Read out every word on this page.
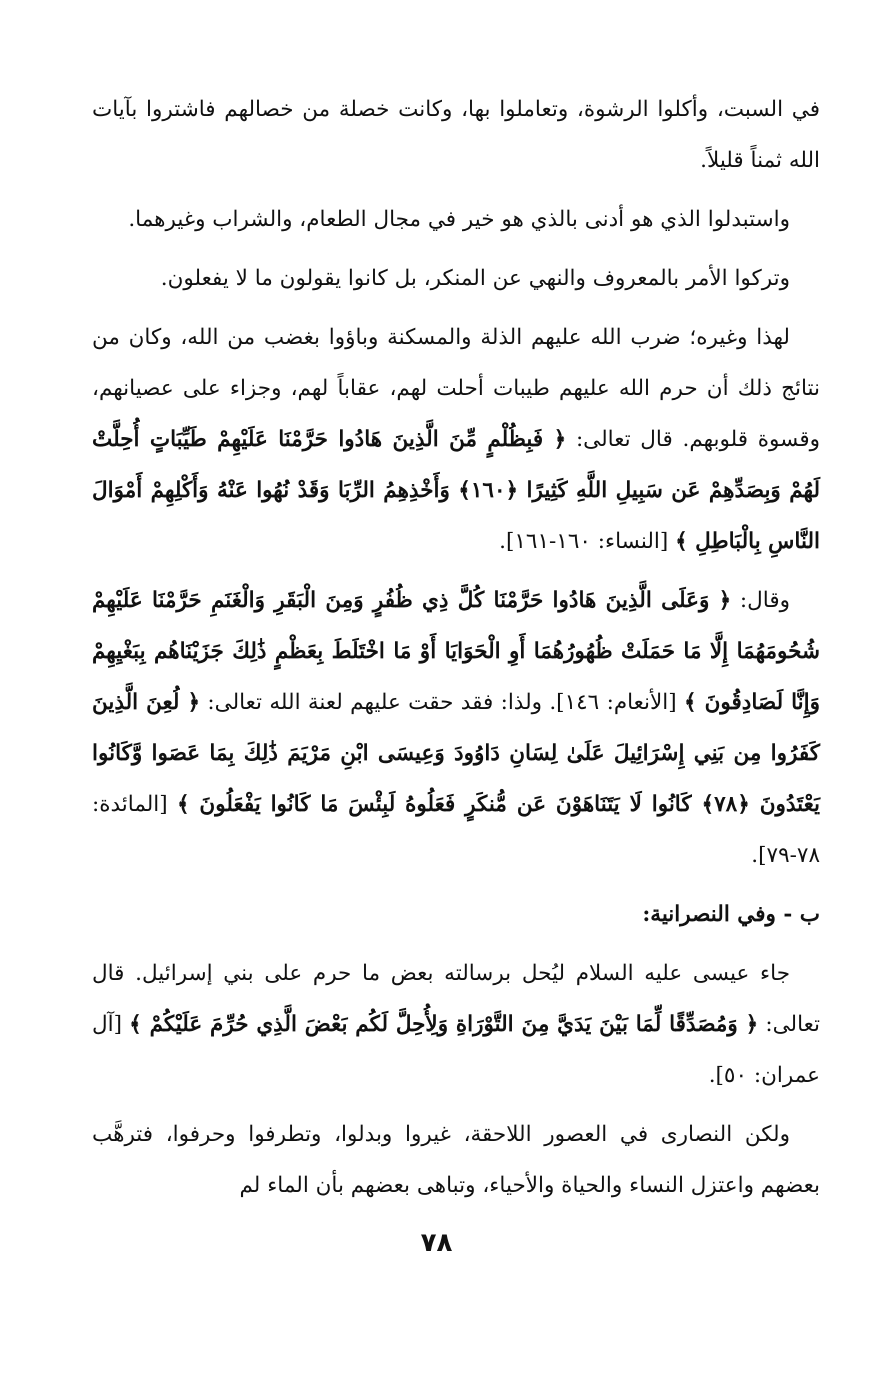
في السبت، وأكلوا الرشوة، وتعاملوا بها، وكانت خصلة من خصالهم فاشتروا بآيات الله ثمناً قليلاً.

واستبدلوا الذي هو أدنى بالذي هو خير في مجال الطعام، والشراب وغيرهما.

وتركوا الأمر بالمعروف والنهي عن المنكر، بل كانوا يقولون ما لا يفعلون.

لهذا وغيره؛ ضرب الله عليهم الذلة والمسكنة وباؤوا بغضب من الله، وكان من نتائج ذلك أن حرم الله عليهم طيبات أحلت لهم، عقاباً لهم، وجزاء على عصيانهم، وقسوة قلوبهم. قال تعالى: ﴿ فَبِظُلْمٍ مِّنَ الَّذِينَ هَادُوا حَرَّمْنَا عَلَيْهِمْ طَيِّبَاتٍ أُحِلَّتْ لَهُمْ وَبِصَدِّهِمْ عَن سَبِيلِ اللَّهِ كَثِيرًا ﴿١٦٠﴾ وَأَخْذِهِمُ الرِّبَا وَقَدْ نُهُوا عَنْهُ وَأَكْلِهِمْ أَمْوَالَ النَّاسِ بِالْبَاطِلِ ﴾ [النساء: ١٦٠-١٦١].

وقال: ﴿ وَعَلَى الَّذِينَ هَادُوا حَرَّمْنَا كُلَّ ذِي ظُفُرٍ وَمِنَ الْبَقَرِ وَالْغَنَمِ حَرَّمْنَا عَلَيْهِمْ شُحُومَهُمَا إِلَّا مَا حَمَلَتْ ظُهُورُهُمَا أَوِ الْحَوَايَا أَوْ مَا اخْتَلَطَ بِعَظْمٍ ذَٰلِكَ جَزَيْنَاهُم بِبَغْيِهِمْ وَإِنَّا لَصَادِقُونَ ﴾ [الأنعام: ١٤٦]. ولذا: فقد حقت عليهم لعنة الله تعالى: ﴿ لُعِنَ الَّذِينَ كَفَرُوا مِن بَنِي إِسْرَائِيلَ عَلَىٰ لِسَانِ دَاوُودَ وَعِيسَى ابْنِ مَرْيَمَ ذَٰلِكَ بِمَا عَصَوا وَّكَانُوا يَعْتَدُونَ ﴿٧٨﴾ كَانُوا لَا يَتَنَاهَوْنَ عَن مُّنكَرٍ فَعَلُوهُ لَبِئْسَ مَا كَانُوا يَفْعَلُونَ ﴾ [المائدة: ٧٨-٧٩].

ب - وفي النصرانية:

جاء عيسى عليه السلام ليُحل برسالته بعض ما حرم على بني إسرائيل. قال تعالى: ﴿ وَمُصَدِّقًا لِّمَا بَيْنَ يَدَيَّ مِنَ التَّوْرَاةِ وَلِأُحِلَّ لَكُم بَعْضَ الَّذِي حُرِّمَ عَلَيْكُمْ ﴾ [آل عمران: ٥٠].

ولكن النصارى في العصور اللاحقة، غيروا وبدلوا، وتطرفوا وحرفوا، فترهَّب بعضهم واعتزل النساء والحياة والأحياء، وتباهى بعضهم بأن الماء لم

٧٨
